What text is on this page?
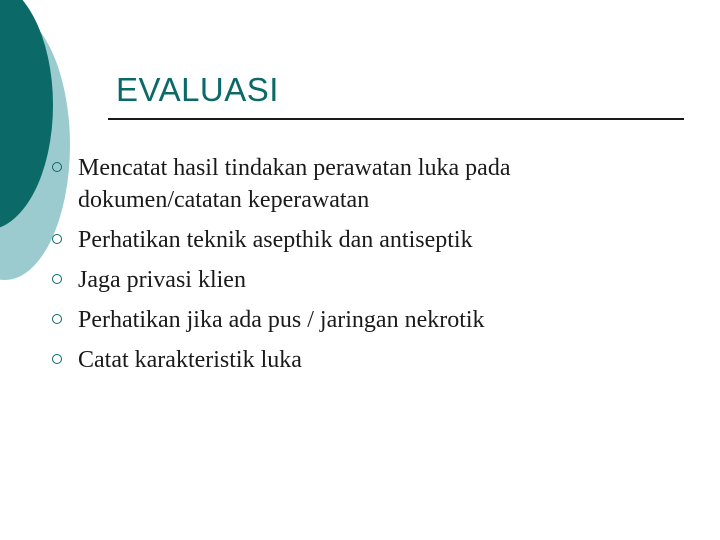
EVALUASI
Mencatat hasil tindakan perawatan luka pada dokumen/catatan keperawatan
Perhatikan teknik asepthik dan antiseptik
Jaga privasi klien
Perhatikan jika ada pus / jaringan nekrotik
Catat karakteristik luka
